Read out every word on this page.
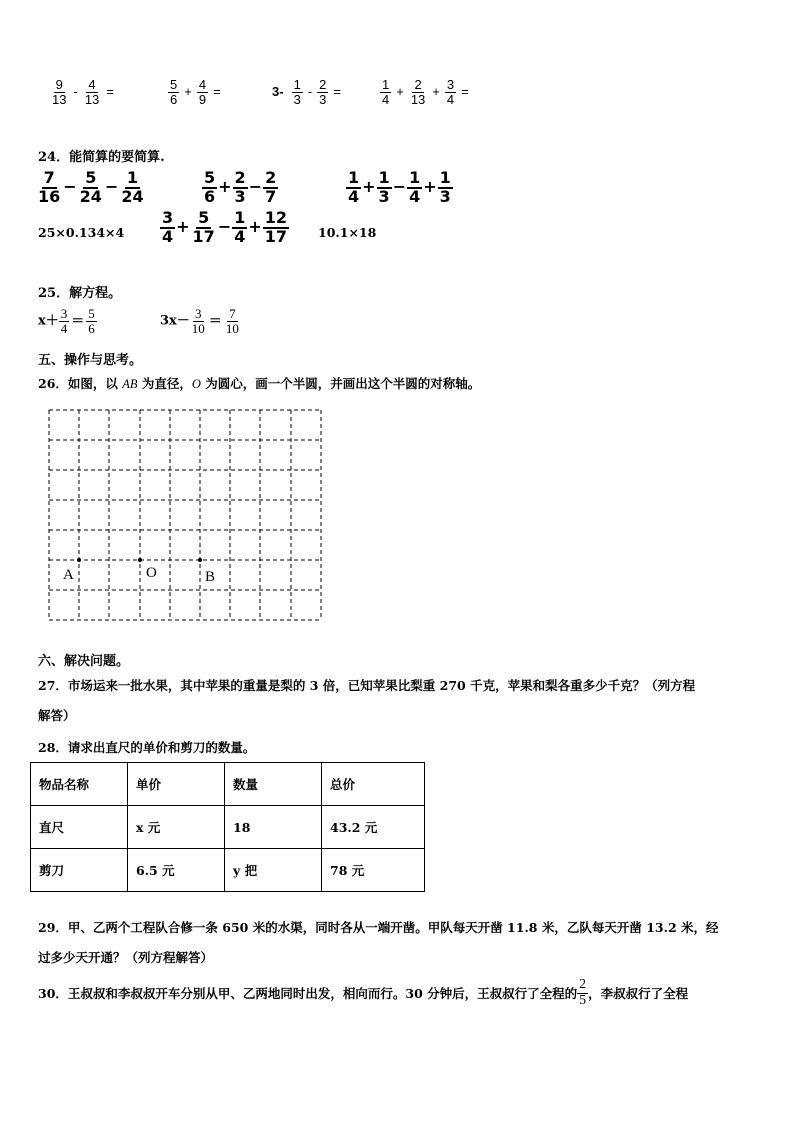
$\frac{9}{13} - \frac{4}{13}$ =	$\frac{5}{6} + \frac{4}{9}$ =	$3- \frac{1}{3} - \frac{2}{3}$ =	$\frac{1}{4} + \frac{2}{13} + \frac{3}{4}$ =
24．能简算的要简算.
$\frac{7}{16} - \frac{5}{24} - \frac{1}{24}$	$\frac{5}{6} + \frac{2}{3} - \frac{2}{7}$	$\frac{1}{4} + \frac{1}{3} - \frac{1}{4} + \frac{1}{3}$
$25\times 0.134\times 4 \frac{3}{4} + \frac{5}{17} - \frac{1}{4} + \frac{12}{17} 10.1\times 18$
25．解方程。
$x+ \frac{3}{4} = \frac{5}{6}$	$3x- \frac{3}{10} = \frac{7}{10}$
五、操作与思考。
26．如图，以 AB 为直径，O 为圆心，画一个半圆，并画出这个半圆的对称轴。
A	O	B
六、解决问题。
27．市场运来一批水果，其中苹果的重量是梨的 3 倍，已知苹果比梨重 270 千克，苹果和梨各重多少千克？（列方程
解答）
28．请求出直尺的单价和剪刀的数量。
物品名称	单价	数量	总价
直尺	x 元	18	43.2 元
剪刀	6.5 元	y 把	78 元
29．甲、乙两个工程队合修一条 650 米的水渠，同时各从一端开凿。甲队每天开凿 11.8 米，乙队每天开凿 13.2 米，经
过多少天开通？（列方程解答）
30．王叔叔和李叔叔开车分别从甲、乙两地同时出发，相向而行。30 分钟后，王叔叔行了全程的 $\frac{2}{5}$ ，李叔叔行了全程
